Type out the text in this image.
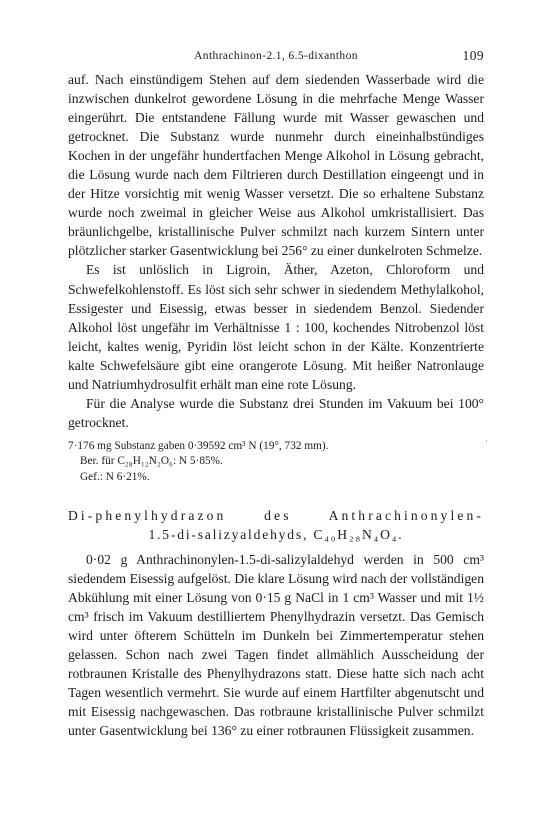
Anthrachinon-2.1, 6.5-dixanthon	109

auf. Nach einstündigem Stehen auf dem siedenden Wasserbade wird die inzwischen dunkelrot gewordene Lösung in die mehrfache Menge Wasser eingerührt. Die entstandene Fällung wurde mit Wasser gewaschen und getrocknet. Die Substanz wurde nunmehr durch eineinhalbstündiges Kochen in der ungefähr hundertfachen Menge Alkohol in Lösung gebracht, die Lösung wurde nach dem Filtrieren durch Destillation eingeengt und in der Hitze vorsichtig mit wenig Wasser versetzt. Die so erhaltene Substanz wurde noch zweimal in gleicher Weise aus Alkohol umkristallisiert. Das bräunlichgelbe, kristallinische Pulver schmilzt nach kurzem Sintern unter plötzlicher starker Gasentwicklung bei 256° zu einer dunkelroten Schmelze.

Es ist unlöslich in Ligroin, Äther, Azeton, Chloroform und Schwefelkohlenstoff. Es löst sich sehr schwer in siedendem Methylalkohol, Essigester und Eisessig, etwas besser in siedendem Benzol. Siedender Alkohol löst ungefähr im Verhältnisse 1 : 100, kochendes Nitrobenzol löst leicht, kaltes wenig, Pyridin löst leicht schon in der Kälte. Konzentrierte kalte Schwefelsäure gibt eine orangerote Lösung. Mit heißer Natronlauge und Natriumhydrosulfit erhält man eine rote Lösung.

Für die Analyse wurde die Substanz drei Stunden im Vakuum bei 100° getrocknet.

7·176 mg Substanz gaben 0·39592 cm³ N (19°, 732 mm).
Ber. für C₂₈H₁₂N₂O₆: N 5·85%.
Gef.: N 6·21%.
Di-phenylhydrazon des Anthrachinonylen-
1.5-di-salizyaldehyds, C₄₀H₂₈N₄O₄.

0·02 g Anthrachinonylen-1.5-di-salizylaldehyd werden in 500 cm³ siedendem Eisessig aufgelöst. Die klare Lösung wird nach der vollständigen Abkühlung mit einer Lösung von 0·15 g NaCl in 1 cm³ Wasser und mit 1½ cm³ frisch im Vakuum destilliertem Phenylhydrazin versetzt. Das Gemisch wird unter öfterem Schütteln im Dunkeln bei Zimmertemperatur stehen gelassen. Schon nach zwei Tagen findet allmählich Ausscheidung der rotbraunen Kristalle des Phenylhydrazons statt. Diese hatte sich nach acht Tagen wesentlich vermehrt. Sie wurde auf einem Hartfilter abgenutscht und mit Eisessig nachgewaschen. Das rotbraune kristallinische Pulver schmilzt unter Gasentwicklung bei 136° zu einer rotbraunen Flüssigkeit zusammen.

·
